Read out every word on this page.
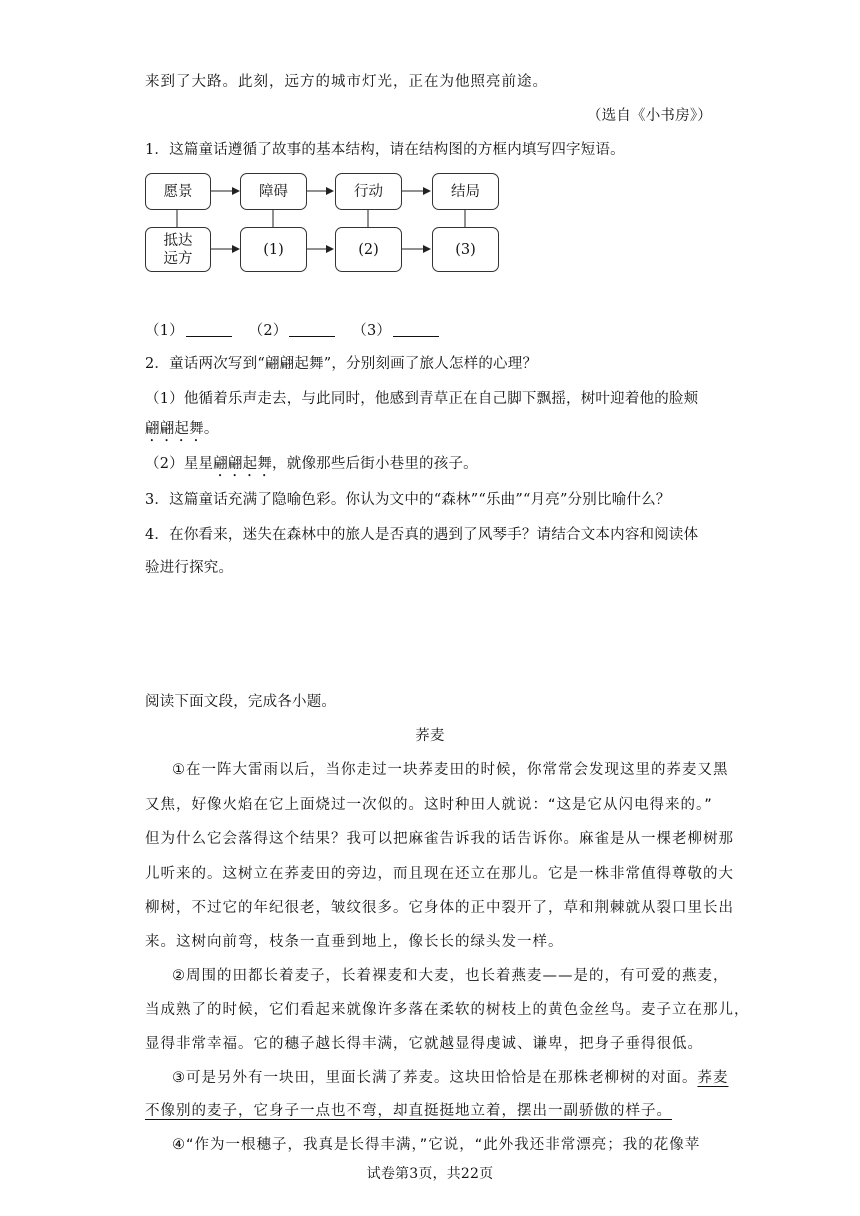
来到了大路。此刻，远方的城市灯光，正在为他照亮前途。
（选自《小书房》）
1．这篇童话遵循了故事的基本结构，请在结构图的方框内填写四字短语。
愿景	障碍	行动	结局
抵达
远方
(1)	(2)	(3)
（1）	（2）	（3）
2．童话两次写到“翩翩起舞”，分别刻画了旅人怎样的心理？
（1）他循着乐声走去，与此同时，他感到青草正在自己脚下飘摇，树叶迎着他的脸颊
翩翩起舞。
（2）星星翩翩起舞，就像那些后街小巷里的孩子。
3．这篇童话充满了隐喻色彩。你认为文中的“森林”“乐曲”“月亮”分别比喻什么？
4．在你看来，迷失在森林中的旅人是否真的遇到了风琴手？请结合文本内容和阅读体
验进行探究。
阅读下面文段，完成各小题。
荞麦
①在一阵大雷雨以后，当你走过一块荞麦田的时候，你常常会发现这里的荞麦又黑
又焦，好像火焰在它上面烧过一次似的。这时种田人就说：“这是它从闪电得来的。”
但为什么它会落得这个结果？我可以把麻雀告诉我的话告诉你。麻雀是从一棵老柳树那
儿听来的。这树立在荞麦田的旁边，而且现在还立在那儿。它是一株非常值得尊敬的大
柳树，不过它的年纪很老，皱纹很多。它身体的正中裂开了，草和荆棘就从裂口里长出
来。这树向前弯，枝条一直垂到地上，像长长的绿头发一样。
②周围的田都长着麦子，长着裸麦和大麦，也长着燕麦——是的，有可爱的燕麦，
当成熟了的时候，它们看起来就像许多落在柔软的树枝上的黄色金丝鸟。麦子立在那儿，
显得非常幸福。它的穗子越长得丰满，它就越显得虔诚、谦卑，把身子垂得很低。
③可是另外有一块田，里面长满了荞麦。这块田恰恰是在那株老柳树的对面。荞麦
不像别的麦子，它身子一点也不弯，却直挺挺地立着，摆出一副骄傲的样子。
④“作为一根穗子，我真是长得丰满，”它说，“此外我还非常漂亮；我的花像苹
试卷第3页，共22页
